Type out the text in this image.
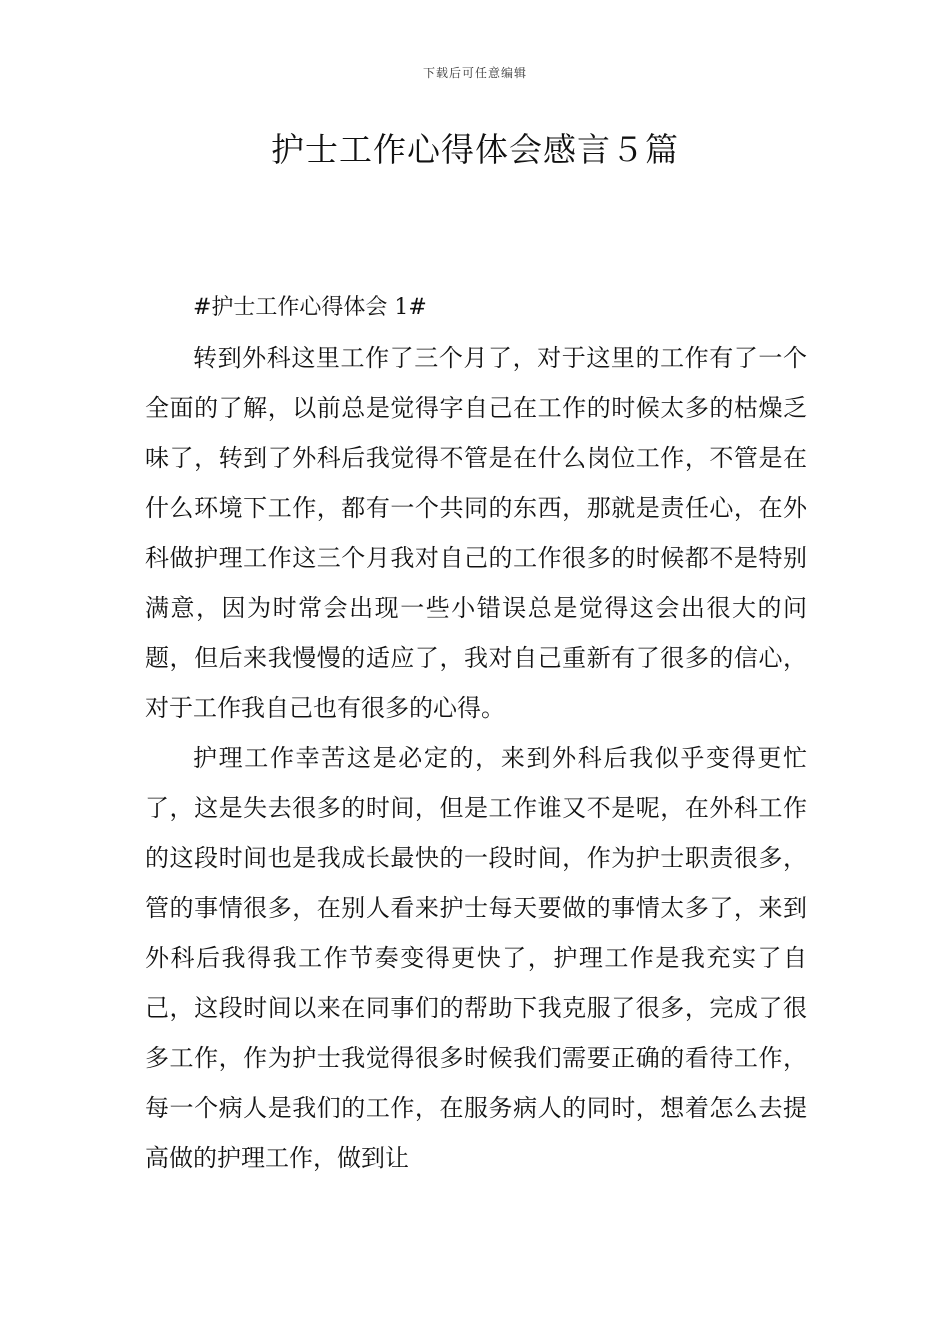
下载后可任意编辑
护士工作心得体会感言５篇
#护士工作心得体会 1#

转到外科这里工作了三个月了，对于这里的工作有了一个全面的了解，以前总是觉得字自己在工作的时候太多的枯燥乏味了，转到了外科后我觉得不管是在什么岗位工作，不管是在什么环境下工作，都有一个共同的东西，那就是责任心，在外科做护理工作这三个月我对自己的工作很多的时候都不是特别满意，因为时常会出现一些小错误总是觉得这会出很大的问题，但后来我慢慢的适应了，我对自己重新有了很多的信心，对于工作我自己也有很多的心得。

护理工作幸苦这是必定的，来到外科后我似乎变得更忙了，这是失去很多的时间，但是工作谁又不是呢，在外科工作的这段时间也是我成长最快的一段时间，作为护士职责很多，管的事情很多，在别人看来护士每天要做的事情太多了，来到外科后我得我工作节奏变得更快了，护理工作是我充实了自己，这段时间以来在同事们的帮助下我克服了很多，完成了很多工作，作为护士我觉得很多时候我们需要正确的看待工作，每一个病人是我们的工作，在服务病人的同时，想着怎么去提高做的护理工作，做到让
